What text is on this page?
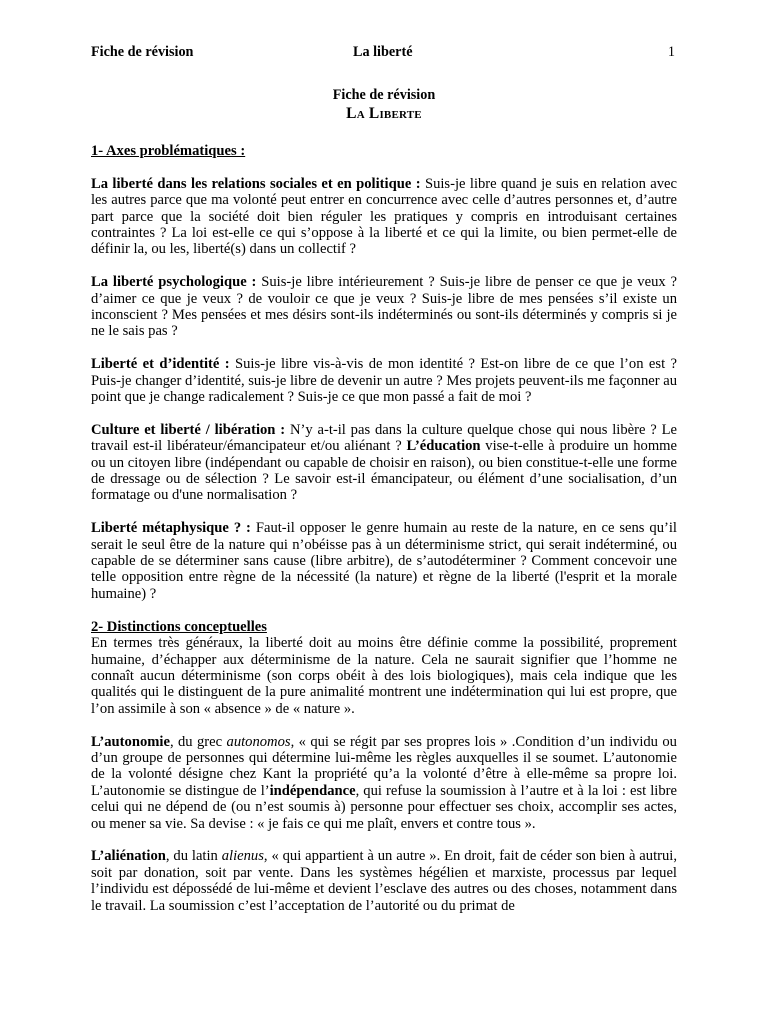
Fiche de révision	La liberté	1
Fiche de révision
La Liberte

1- Axes problématiques :

La liberté dans les relations sociales et en politique : Suis-je libre quand je suis en relation avec les autres parce que ma volonté peut entrer en concurrence avec celle d’autres personnes et, d’autre part parce que la société doit bien réguler les pratiques y compris en introduisant certaines contraintes ? La loi est-elle ce qui s’oppose à la liberté et ce qui la limite, ou bien permet-elle de définir la, ou les, liberté(s) dans un collectif ?

La liberté psychologique : Suis-je libre intérieurement ? Suis-je libre de penser ce que je veux ? d’aimer ce que je veux ? de vouloir ce que je veux ? Suis-je libre de mes pensées s’il existe un inconscient ? Mes pensées et mes désirs sont-ils indéterminés ou sont-ils déterminés y compris si je ne le sais pas ?

Liberté et d’identité : Suis-je libre vis-à-vis de mon identité ? Est-on libre de ce que l’on est ? Puis-je changer d’identité, suis-je libre de devenir un autre ? Mes projets peuvent-ils me façonner au point que je change radicalement ? Suis-je ce que mon passé a fait de moi ?

Culture et liberté / libération : N’y a-t-il pas dans la culture quelque chose qui nous libère ? Le travail est-il libérateur/émancipateur et/ou aliénant ? L’éducation vise-t-elle à produire un homme ou un citoyen libre (indépendant ou capable de choisir en raison), ou bien constitue-t-elle une forme de dressage ou de sélection ? Le savoir est-il émancipateur, ou élément d’une socialisation, d’un formatage ou d'une normalisation ?

Liberté métaphysique ? : Faut-il opposer le genre humain au reste de la nature, en ce sens qu’il serait le seul être de la nature qui n’obéisse pas à un déterminisme strict, qui serait indéterminé, ou capable de se déterminer sans cause (libre arbitre), de s’autodéterminer ? Comment concevoir une telle opposition entre règne de la nécessité (la nature) et règne de la liberté (l'esprit et la morale humaine) ?

2- Distinctions conceptuelles

En termes très généraux, la liberté doit au moins être définie comme la possibilité, proprement humaine, d’échapper aux déterminisme de la nature. Cela ne saurait signifier que l’homme ne connaît aucun déterminisme (son corps obéit à des lois biologiques), mais cela indique que les qualités qui le distinguent de la pure animalité montrent une indétermination qui lui est propre, que l’on assimile à son « absence » de « nature ».

L’autonomie, du grec autonomos, « qui se régit par ses propres lois » .Condition d’un individu ou d’un groupe de personnes qui détermine lui-même les règles auxquelles il se soumet. L’autonomie de la volonté désigne chez Kant la propriété qu’a la volonté d’être à elle-même sa propre loi. L’autonomie se distingue de l’indépendance, qui refuse la soumission à l’autre et à la loi : est libre celui qui ne dépend de (ou n’est soumis à) personne pour effectuer ses choix, accomplir ses actes, ou mener sa vie. Sa devise : « je fais ce qui me plaît, envers et contre tous ».

L’aliénation, du latin alienus, « qui appartient à un autre ». En droit, fait de céder son bien à autrui, soit par donation, soit par vente. Dans les systèmes hégélien et marxiste, processus par lequel l’individu est dépossédé de lui-même et devient l’esclave des autres ou des choses, notamment dans le travail. La soumission c’est l’acceptation de l’autorité ou du primat de
